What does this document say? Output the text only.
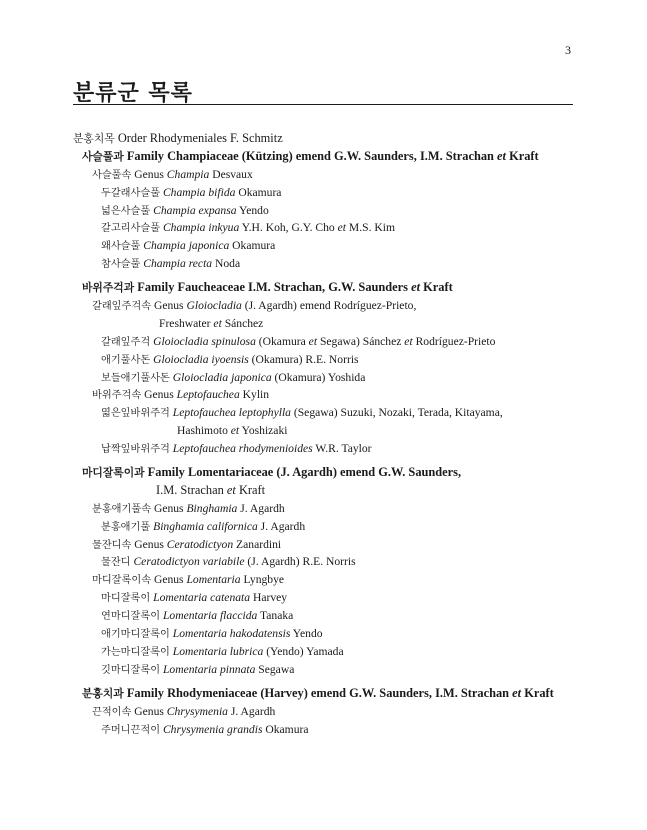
3
분류군 목록
분홍치목 Order Rhodymeniales F. Schmitz
사슬풀과 Family Champiaceae (Kützing) emend G.W. Saunders, I.M. Strachan et Kraft
사슬풀속 Genus Champia Desvaux
두갈래사슬풀 Champia bifida Okamura
넓은사슬풀 Champia expansa Yendo
갈고리사슬풀 Champia inkyua Y.H. Koh, G.Y. Cho et M.S. Kim
왜사슬풀 Champia japonica Okamura
참사슬풀 Champia recta Noda
바위주걱과 Family Faucheaceae I.M. Strachan, G.W. Saunders et Kraft
갈래잎주걱속 Genus Gloiocladia (J. Agardh) emend Rodríguez-Prieto,
Freshwater et Sánchez
갈래잎주걱 Gloiocladia spinulosa (Okamura et Segawa) Sánchez et Rodríguez-Prieto
애기풀사돈 Gloiocladia iyoensis (Okamura) R.E. Norris
보들애기풀사돈 Gloiocladia japonica (Okamura) Yoshida
바위주걱속 Genus Leptofauchea Kylin
엷은잎바위주걱 Leptofauchea leptophylla (Segawa) Suzuki, Nozaki, Terada, Kitayama,
Hashimoto et Yoshizaki
납짝잎바위주걱 Leptofauchea rhodymenioides W.R. Taylor
마디잘록이과 Family Lomentariaceae (J. Agardh) emend G.W. Saunders,
I.M. Strachan et Kraft
분홍애기풀속 Genus Binghamia J. Agardh
분홍애기풀 Binghamia californica J. Agardh
물잔디속 Genus Ceratodictyon Zanardini
물잔디 Ceratodictyon variabile (J. Agardh) R.E. Norris
마디잘록이속 Genus Lomentaria Lyngbye
마디잘록이 Lomentaria catenata Harvey
연마디잘록이 Lomentaria flaccida Tanaka
애기마디잘록이 Lomentaria hakodatensis Yendo
가는마디잘록이 Lomentaria lubrica (Yendo) Yamada
깃마디잘록이 Lomentaria pinnata Segawa
분홍치과 Family Rhodymeniaceae (Harvey) emend G.W. Saunders, I.M. Strachan et Kraft
끈적이속 Genus Chrysymenia J. Agardh
주머니끈적이 Chrysymenia grandis Okamura
